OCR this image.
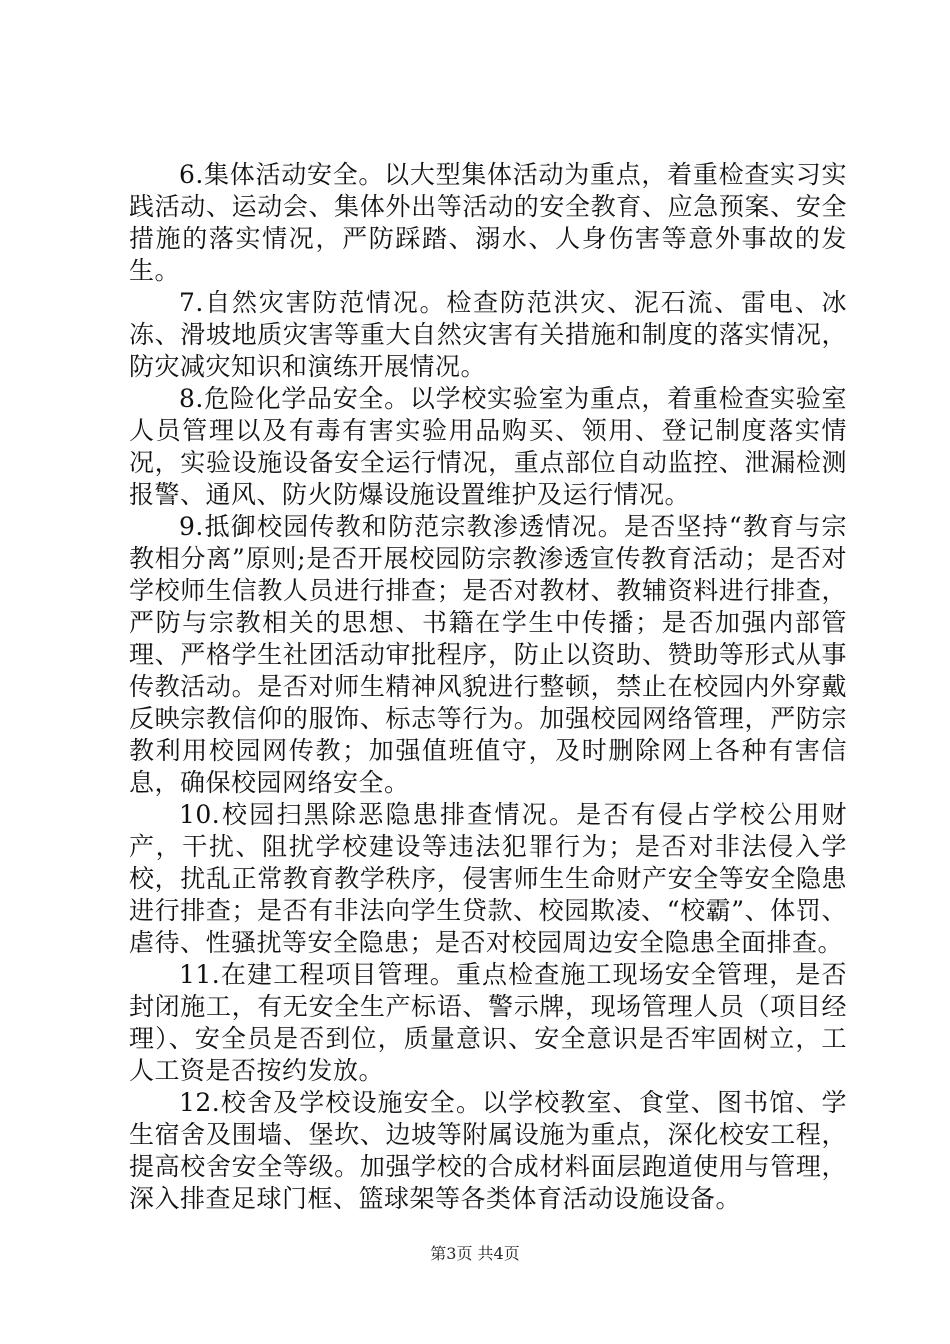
6.集体活动安全。以大型集体活动为重点，着重检查实习实践活动、运动会、集体外出等活动的安全教育、应急预案、安全措施的落实情况，严防踩踏、溺水、人身伤害等意外事故的发生。

7.自然灾害防范情况。检查防范洪灾、泥石流、雷电、冰冻、滑坡地质灾害等重大自然灾害有关措施和制度的落实情况，防灾减灾知识和演练开展情况。

8.危险化学品安全。以学校实验室为重点，着重检查实验室人员管理以及有毒有害实验用品购买、领用、登记制度落实情况，实验设施设备安全运行情况，重点部位自动监控、泄漏检测报警、通风、防火防爆设施设置维护及运行情况。

9.抵御校园传教和防范宗教渗透情况。是否坚持“教育与宗教相分离”原则;是否开展校园防宗教渗透宣传教育活动；是否对学校师生信教人员进行排查；是否对教材、教辅资料进行排查，严防与宗教相关的思想、书籍在学生中传播；是否加强内部管理、严格学生社团活动审批程序，防止以资助、赞助等形式从事传教活动。是否对师生精神风貌进行整顿，禁止在校园内外穿戴反映宗教信仰的服饰、标志等行为。加强校园网络管理，严防宗教利用校园网传教；加强值班值守，及时删除网上各种有害信息，确保校园网络安全。

10.校园扫黑除恶隐患排查情况。是否有侵占学校公用财产，干扰、阻扰学校建设等违法犯罪行为；是否对非法侵入学校，扰乱正常教育教学秩序，侵害师生生命财产安全等安全隐患进行排查；是否有非法向学生贷款、校园欺凌、“校霸”、体罚、虐待、性骚扰等安全隐患；是否对校园周边安全隐患全面排查。

11.在建工程项目管理。重点检查施工现场安全管理，是否封闭施工，有无安全生产标语、警示牌，现场管理人员（项目经理）、安全员是否到位，质量意识、安全意识是否牢固树立，工人工资是否按约发放。

12.校舍及学校设施安全。以学校教室、食堂、图书馆、学生宿舍及围墙、堡坎、边坡等附属设施为重点，深化校安工程，提高校舍安全等级。加强学校的合成材料面层跑道使用与管理，深入排查足球门框、篮球架等各类体育活动设施设备。

第3页 共4页
